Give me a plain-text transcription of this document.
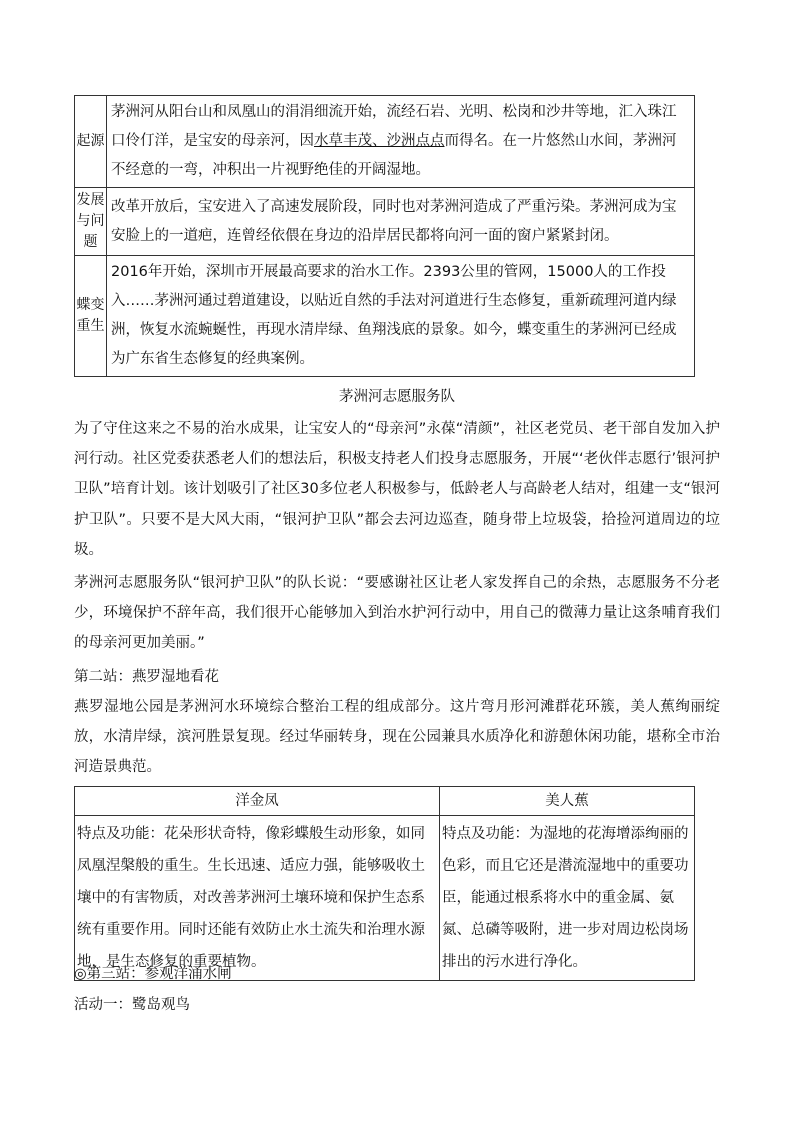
起源	茅洲河从阳台山和凤凰山的涓涓细流开始，流经石岩、光明、松岗和沙井等地，汇入珠江口伶仃洋，是宝安的母亲河，因水草丰茂、沙洲点点而得名。在一片悠然山水间，茅洲河不经意的一弯，冲积出一片视野绝佳的开阔湿地。
发展与问题	改革开放后，宝安进入了高速发展阶段，同时也对茅洲河造成了严重污染。茅洲河成为宝安脸上的一道疤，连曾经依偎在身边的沿岸居民都将向河一面的窗户紧紧封闭。
蝶变重生	2016年开始，深圳市开展最高要求的治水工作。2393公里的管网，15000人的工作投入……茅洲河通过碧道建设，以贴近自然的手法对河道进行生态修复，重新疏理河道内绿洲，恢复水流蜿蜒性，再现水清岸绿、鱼翔浅底的景象。如今，蝶变重生的茅洲河已经成为广东省生态修复的经典案例。
茅洲河志愿服务队

为了守住这来之不易的治水成果，让宝安人的“母亲河”永葆“清颜”，社区老党员、老干部自发加入护河行动。社区党委获悉老人们的想法后，积极支持老人们投身志愿服务，开展“‘老伙伴志愿行’银河护卫队”培育计划。该计划吸引了社区30多位老人积极参与，低龄老人与高龄老人结对，组建一支“银河护卫队”。只要不是大风大雨，“银河护卫队”都会去河边巡查，随身带上垃圾袋，拾捡河道周边的垃圾。

茅洲河志愿服务队“银河护卫队”的队长说：“要感谢社区让老人家发挥自己的余热，志愿服务不分老少，环境保护不辞年高，我们很开心能够加入到治水护河行动中，用自己的微薄力量让这条哺育我们的母亲河更加美丽。”

第二站：燕罗湿地看花

燕罗湿地公园是茅洲河水环境综合整治工程的组成部分。这片弯月形河滩群花环簇，美人蕉绚丽绽放，水清岸绿，滨河胜景复现。经过华丽转身，现在公园兼具水质净化和游憩休闲功能，堪称全市治河造景典范。

洋金凤	美人蕉
特点及功能：花朵形状奇特，像彩蝶般生动形象，如同凤凰涅槃般的重生。生长迅速、适应力强，能够吸收土壤中的有害物质，对改善茅洲河土壤环境和保护生态系统有重要作用。同时还能有效防止水土流失和治理水源地，是生态修复的重要植物。	特点及功能：为湿地的花海增添绚丽的色彩，而且它还是潜流湿地中的重要功臣，能通过根系将水中的重金属、氨氮、总磷等吸附，进一步对周边松岗场排出的污水进行净化。
◎第三站：参观洋涌水闸
活动一：鹭岛观鸟
